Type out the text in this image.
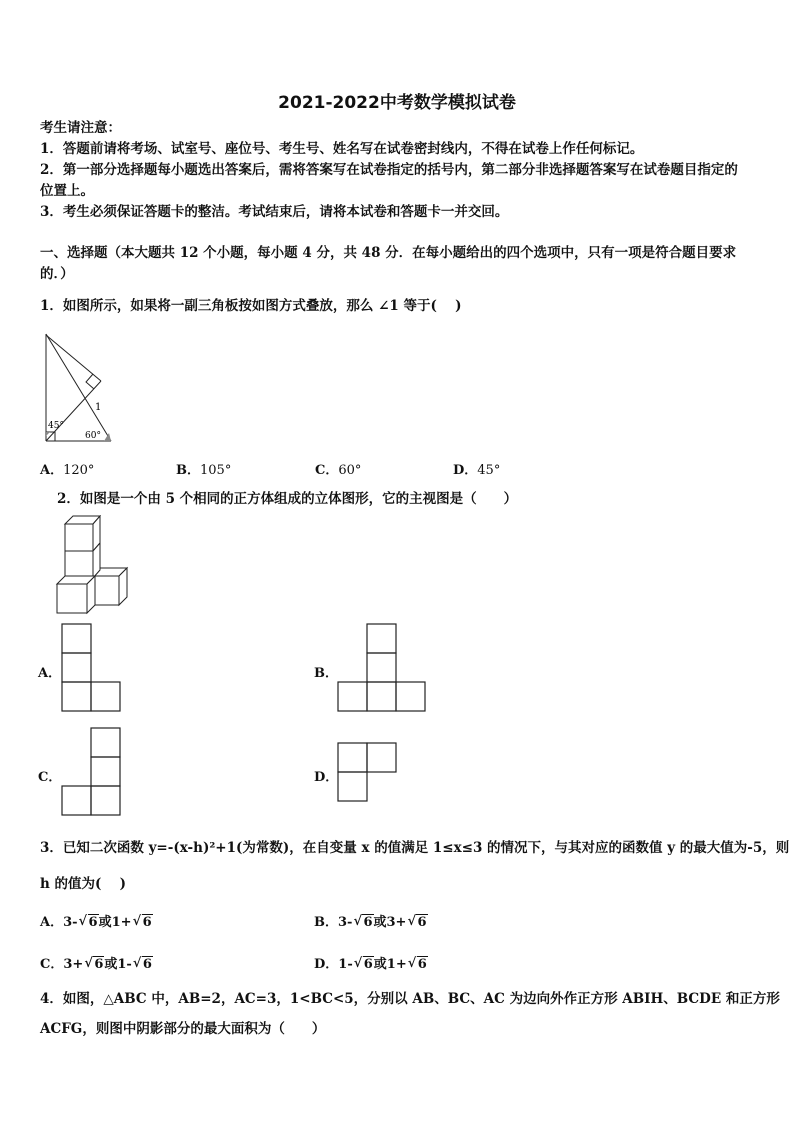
2021-2022中考数学模拟试卷
考生请注意：
1．答题前请将考场、试室号、座位号、考生号、姓名写在试卷密封线内，不得在试卷上作任何标记。
2．第一部分选择题每小题选出答案后，需将答案写在试卷指定的括号内，第二部分非选择题答案写在试卷题目指定的
位置上。
3．考生必须保证答题卡的整洁。考试结束后，请将本试卷和答题卡一并交回。
一、选择题（本大题共 12 个小题，每小题 4 分，共 48 分．在每小题给出的四个选项中，只有一项是符合题目要求
的．）
1．如图所示，如果将一副三角板按如图方式叠放，那么 ∠1 等于(　 )
1
45°
60°
A．120°	B．105°	C．60°	D．45°
2．如图是一个由 5 个相同的正方体组成的立体图形，它的主视图是（　　）
A．	B．
C．	D．
3．已知二次函数 y=-(x-h)²+1(为常数)，在自变量 x 的值满足 1≤x≤3 的情况下，与其对应的函数值 y 的最大值为-5，则
h 的值为(　 )
A．3- √ 6或1+ √ 6	B．3- √ 6或3+ √ 6
C．3+ √ 6或1- √ 6	D．1- √ 6或1+ √ 6
4．如图，△ABC 中，AB=2，AC=3，1<BC<5，分别以 AB、BC、AC 为边向外作正方形 ABIH、BCDE 和正方形
ACFG，则图中阴影部分的最大面积为（　　）
